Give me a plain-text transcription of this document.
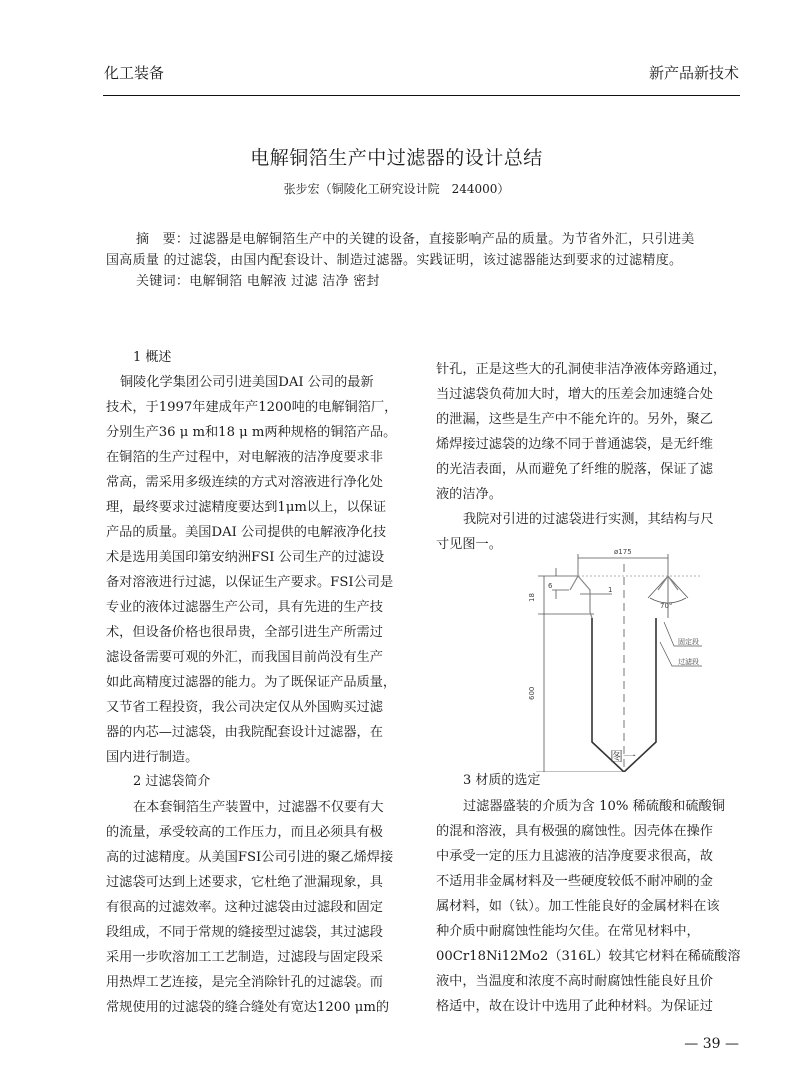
化工装备	新产品新技术
电解铜箔生产中过滤器的设计总结
张步宏（铜陵化工研究设计院　244000）
摘　要：过滤器是电解铜箔生产中的关键的设备，直接影响产品的质量。为节省外汇，只引进美
国高质量 的过滤袋，由国内配套设计、制造过滤器。实践证明，该过滤器能达到要求的过滤精度。
关键词：电解铜箔 电解液 过滤 洁净 密封
1 概述
铜陵化学集团公司引进美国DAI 公司的最新
技术，于1997年建成年产1200吨的电解铜箔厂，
分别生产36 μ m和18 μ m两种规格的铜箔产品。
在铜箔的生产过程中，对电解液的洁净度要求非
常高，需采用多级连续的方式对溶液进行净化处
理，最终要求过滤精度要达到1μm以上，以保证
产品的质量。美国DAI 公司提供的电解液净化技
术是选用美国印第安纳洲FSI 公司生产的过滤设
备对溶液进行过滤，以保证生产要求。FSI公司是
专业的液体过滤器生产公司，具有先进的生产技
术，但设备价格也很昂贵，全部引进生产所需过
滤设备需要可观的外汇，而我国目前尚没有生产
如此高精度过滤器的能力。为了既保证产品质量，
又节省工程投资，我公司决定仅从外国购买过滤
器的内芯—过滤袋，由我院配套设计过滤器，在
国内进行制造。
2 过滤袋简介
在本套铜箔生产装置中，过滤器不仅要有大
的流量，承受较高的工作压力，而且必须具有极
高的过滤精度。从美国FSI公司引进的聚乙烯焊接
过滤袋可达到上述要求，它杜绝了泄漏现象，具
有很高的过滤效率。这种过滤袋由过滤段和固定
段组成，不同于常规的缝接型过滤袋，其过滤段
采用一步吹溶加工工艺制造，过滤段与固定段采
用热焊工艺连接，是完全消除针孔的过滤袋。而
常规使用的过滤袋的缝合缝处有宽达1200 μm的
针孔，正是这些大的孔洞使非洁净液体旁路通过，
当过滤袋负荷加大时，增大的压差会加速缝合处
的泄漏，这些是生产中不能允许的。另外，聚乙
烯焊接过滤袋的边缘不同于普通滤袋，是无纤维
的光洁表面，从而避免了纤维的脱落，保证了滤
液的洁净。
我院对引进的过滤袋进行实测，其结构与尺
寸见图一。
3 材质的选定
过滤器盛装的介质为含 10% 稀硫酸和硫酸铜
的混和溶液，具有极强的腐蚀性。因壳体在操作
中承受一定的压力且滤液的洁净度要求很高，故
不适用非金属材料及一些硬度较低不耐冲刷的金
属材料，如（钛）。加工性能良好的金属材料在该
种介质中耐腐蚀性能均欠佳。在常见材料中，
00Cr18Ni12Mo2（316L）较其它材料在稀硫酸溶
液中，当温度和浓度不高时耐腐蚀性能良好且价
格适中，故在设计中选用了此种材料。为保证过
ø175
18
6	1
70°
600
固定段
过滤段
图一
— 39 —
